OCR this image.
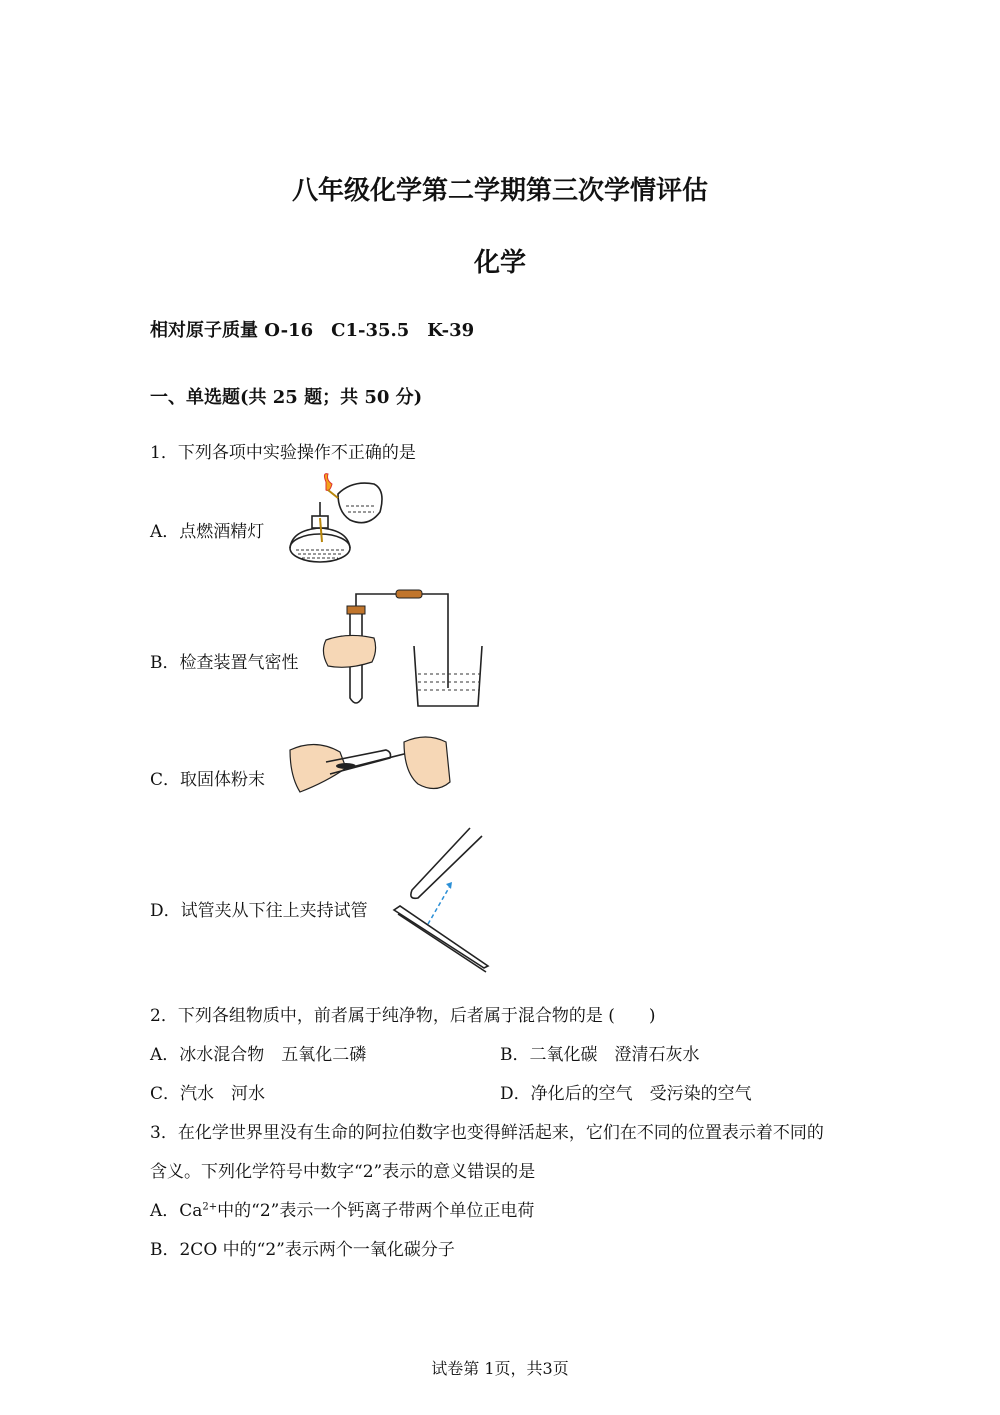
八年级化学第二学期第三次学情评估
化学
相对原子质量 O-16　C1-35.5　K-39
一、单选题(共 25 题；共 50 分)
1．下列各项中实验操作不正确的是
A．点燃酒精灯
B．检查装置气密性
C．取固体粉末
D．试管夹从下往上夹持试管
2．下列各组物质中，前者属于纯净物，后者属于混合物的是 (　　)
A．冰水混合物　五氧化二磷	B．二氧化碳　澄清石灰水
C．汽水　河水	D．净化后的空气　受污染的空气
3．在化学世界里没有生命的阿拉伯数字也变得鲜活起来，它们在不同的位置表示着不同的
含义。下列化学符号中数字“2”表示的意义错误的是
A．$Ca^{2+}$中的“2”表示一个钙离子带两个单位正电荷
B．2CO 中的“2”表示两个一氧化碳分子
试卷第 1页，共3页
